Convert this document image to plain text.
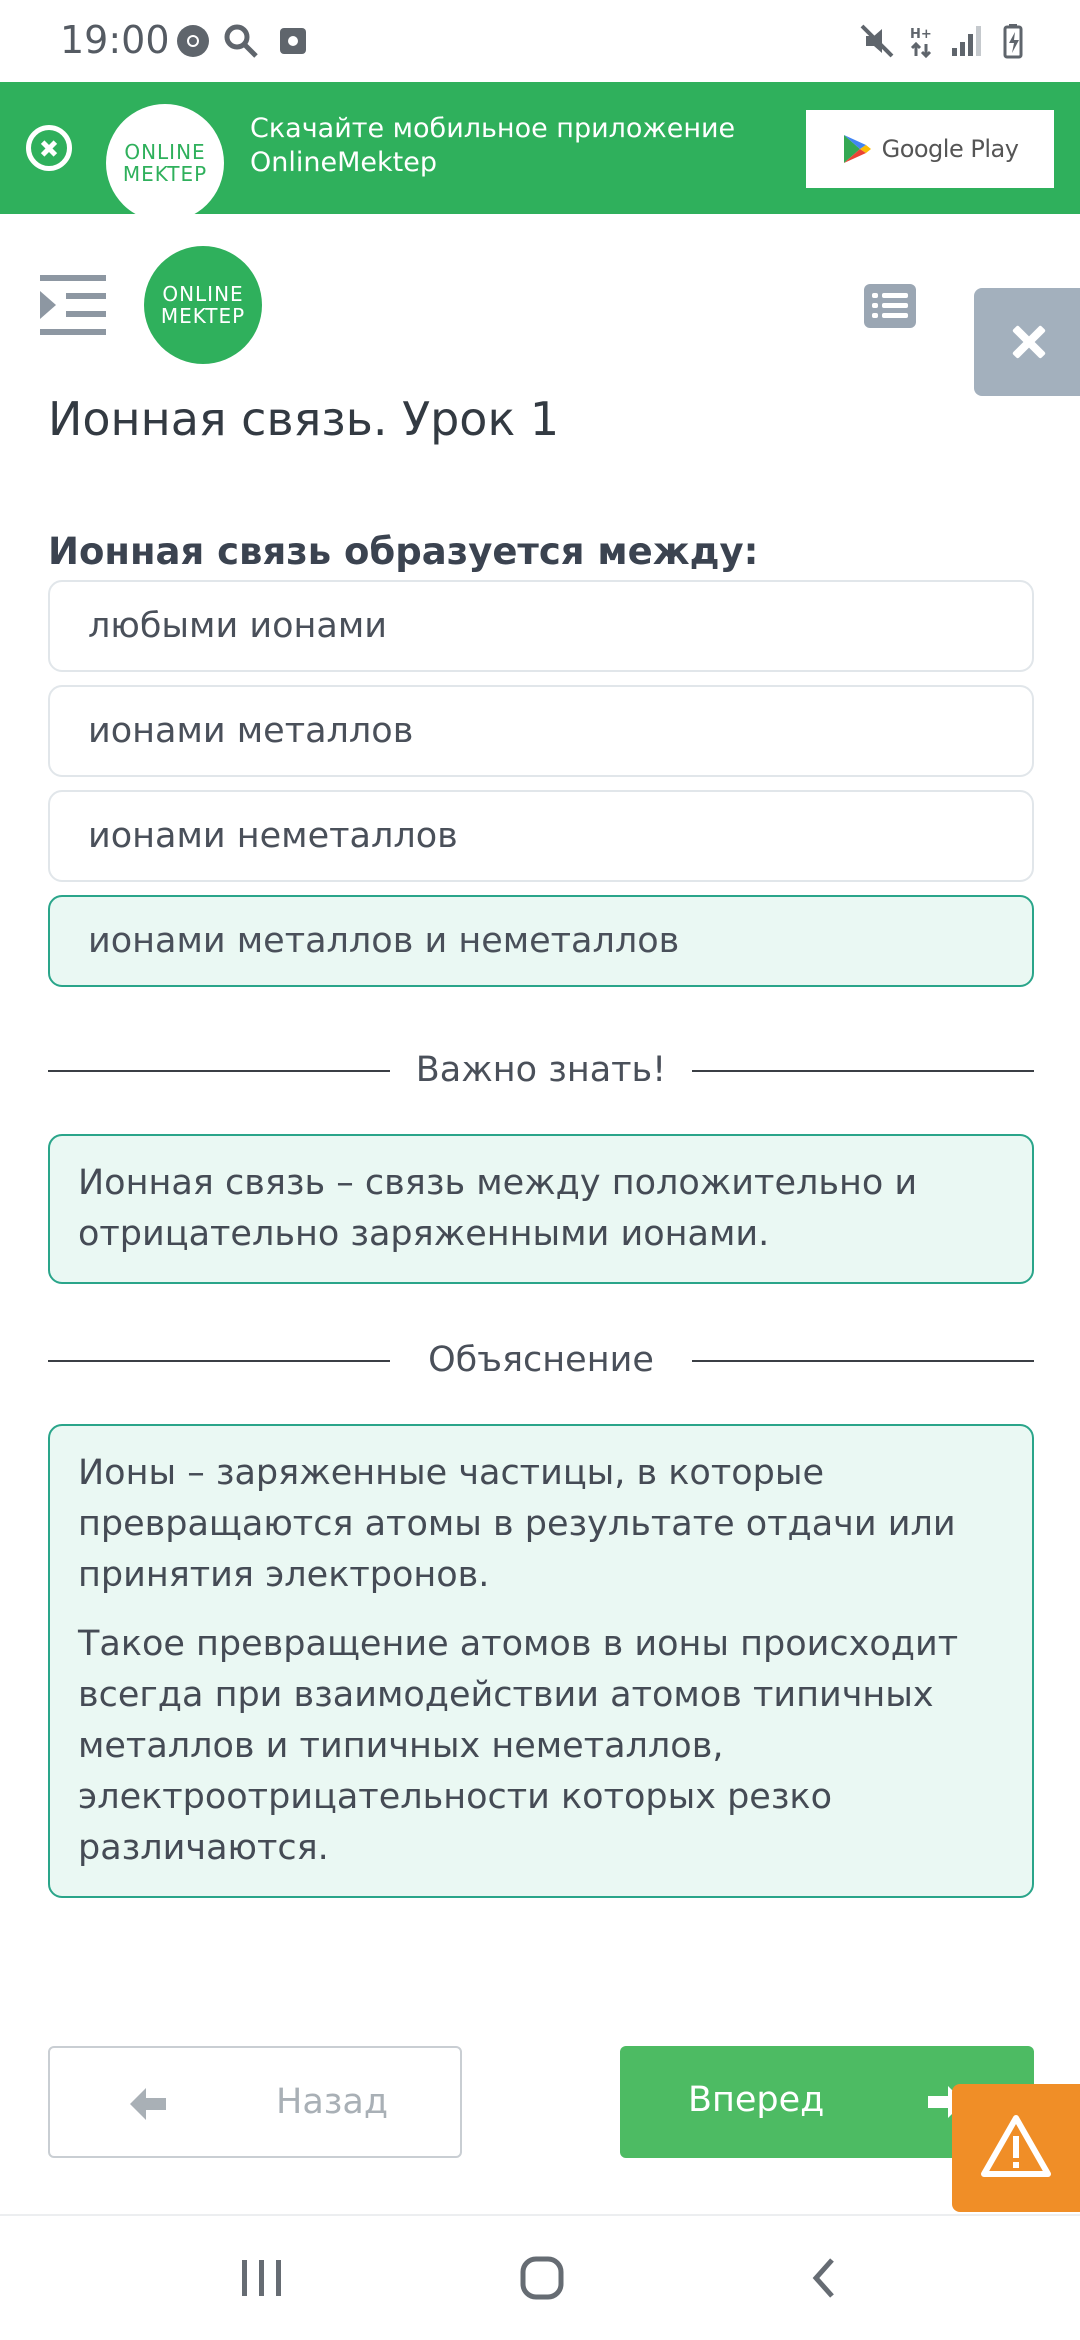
19:00	H+
ONLINE
MEKTEP
Скачайте мобильное приложение OnlineMektep	Google Play
ONLINE
MEKTEP
Ионная связь. Урок 1
Ионная связь образуется между:
любыми ионами
ионами металлов
ионами неметаллов
ионами металлов и неметаллов
Важно знать!

Ионная связь – связь между положительно и отрицательно заряженными ионами.

Объяснение

Ионы – заряженные частицы, в которые превращаются атомы в результате отдачи или принятия электронов.

Такое превращение атомов в ионы происходит всегда при взаимодействии атомов типичных металлов и типичных неметаллов, электроотрицательности которых резко различаются.

Назад	Вперед
